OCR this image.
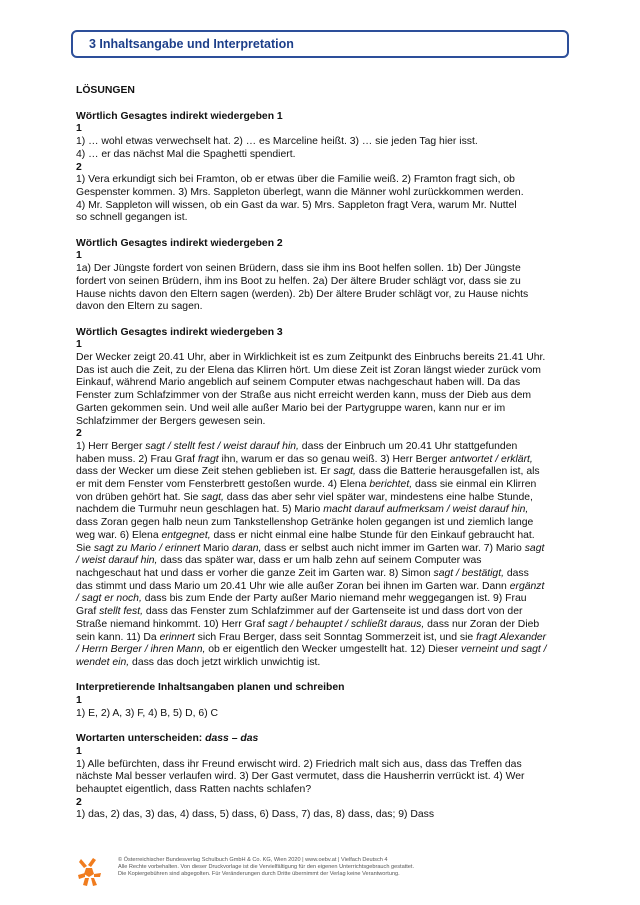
3 Inhaltsangabe und Interpretation
LÖSUNGEN
Wörtlich Gesagtes indirekt wiedergeben 1
1

1) … wohl etwas verwechselt hat. 2) … es Marceline heißt. 3) … sie jeden Tag hier isst.
4) … er das nächst Mal die Spaghetti spendiert.

2

1) Vera erkundigt sich bei Framton, ob er etwas über die Familie weiß. 2) Framton fragt sich, ob
Gespenster kommen. 3) Mrs. Sappleton überlegt, wann die Männer wohl zurückkommen werden.
4) Mr. Sappleton will wissen, ob ein Gast da war. 5) Mrs. Sappleton fragt Vera, warum Mr. Nuttel
so schnell gegangen ist.

Wörtlich Gesagtes indirekt wiedergeben 2
1

1a) Der Jüngste fordert von seinen Brüdern, dass sie ihm ins Boot helfen sollen. 1b) Der Jüngste
fordert von seinen Brüdern, ihm ins Boot zu helfen. 2a) Der ältere Bruder schlägt vor, dass sie zu
Hause nichts davon den Eltern sagen (werden). 2b) Der ältere Bruder schlägt vor, zu Hause nichts
davon den Eltern zu sagen.

Wörtlich Gesagtes indirekt wiedergeben 3
1

Der Wecker zeigt 20.41 Uhr, aber in Wirklichkeit ist es zum Zeitpunkt des Einbruchs bereits 21.41 Uhr.
Das ist auch die Zeit, zu der Elena das Klirren hört. Um diese Zeit ist Zoran längst wieder zurück vom
Einkauf, während Mario angeblich auf seinem Computer etwas nachgeschaut haben will. Da das
Fenster zum Schlafzimmer von der Straße aus nicht erreicht werden kann, muss der Dieb aus dem
Garten gekommen sein. Und weil alle außer Mario bei der Partygruppe waren, kann nur er im
Schlafzimmer der Bergers gewesen sein.

2

1) Herr Berger sagt / stellt fest / weist darauf hin, dass der Einbruch um 20.41 Uhr stattgefunden
haben muss. 2) Frau Graf fragt ihn, warum er das so genau weiß. 3) Herr Berger antwortet / erklärt,
dass der Wecker um diese Zeit stehen geblieben ist. Er sagt, dass die Batterie herausgefallen ist, als
er mit dem Fenster vom Fensterbrett gestoßen wurde. 4) Elena berichtet, dass sie einmal ein Klirren
von drüben gehört hat. Sie sagt, dass das aber sehr viel später war, mindestens eine halbe Stunde,
nachdem die Turmuhr neun geschlagen hat. 5) Mario macht darauf aufmerksam / weist darauf hin,
dass Zoran gegen halb neun zum Tankstellenshop Getränke holen gegangen ist und ziemlich lange
weg war. 6) Elena entgegnet, dass er nicht einmal eine halbe Stunde für den Einkauf gebraucht hat.
Sie sagt zu Mario / erinnert Mario daran, dass er selbst auch nicht immer im Garten war. 7) Mario sagt
/ weist darauf hin, dass das später war, dass er um halb zehn auf seinem Computer was
nachgeschaut hat und dass er vorher die ganze Zeit im Garten war. 8) Simon sagt / bestätigt, dass
das stimmt und dass Mario um 20.41 Uhr wie alle außer Zoran bei ihnen im Garten war. Dann ergänzt
/ sagt er noch, dass bis zum Ende der Party außer Mario niemand mehr weggegangen ist. 9) Frau
Graf stellt fest, dass das Fenster zum Schlafzimmer auf der Gartenseite ist und dass dort von der
Straße niemand hinkommt. 10) Herr Graf sagt / behauptet / schließt daraus, dass nur Zoran der Dieb
sein kann. 11) Da erinnert sich Frau Berger, dass seit Sonntag Sommerzeit ist, und sie fragt Alexander
/ Herrn Berger / ihren Mann, ob er eigentlich den Wecker umgestellt hat. 12) Dieser verneint und sagt /
wendet ein, dass das doch jetzt wirklich unwichtig ist.

Interpretierende Inhaltsangaben planen und schreiben
1

1) E, 2) A, 3) F, 4) B, 5) D, 6) C

Wortarten unterscheiden: dass – das
1

1) Alle befürchten, dass ihr Freund erwischt wird. 2) Friedrich malt sich aus, dass das Treffen das
nächste Mal besser verlaufen wird. 3) Der Gast vermutet, dass die Hausherrin verrückt ist. 4) Wer
behauptet eigentlich, dass Ratten nachts schlafen?

2

1) das, 2) das, 3) das, 4) dass, 5) dass, 6) Dass, 7) das, 8) dass, das; 9) Dass

© Österreichischer Bundesverlag Schulbuch GmbH & Co. KG, Wien 2020 | www.oebv.at | Vielfach Deutsch 4
Alle Rechte vorbehalten. Von dieser Druckvorlage ist die Vervielfältigung für den eigenen Unterrichtsgebrauch gestattet.
Die Kopiergebühren sind abgegolten. Für Veränderungen durch Dritte übernimmt der Verlag keine Verantwortung.
